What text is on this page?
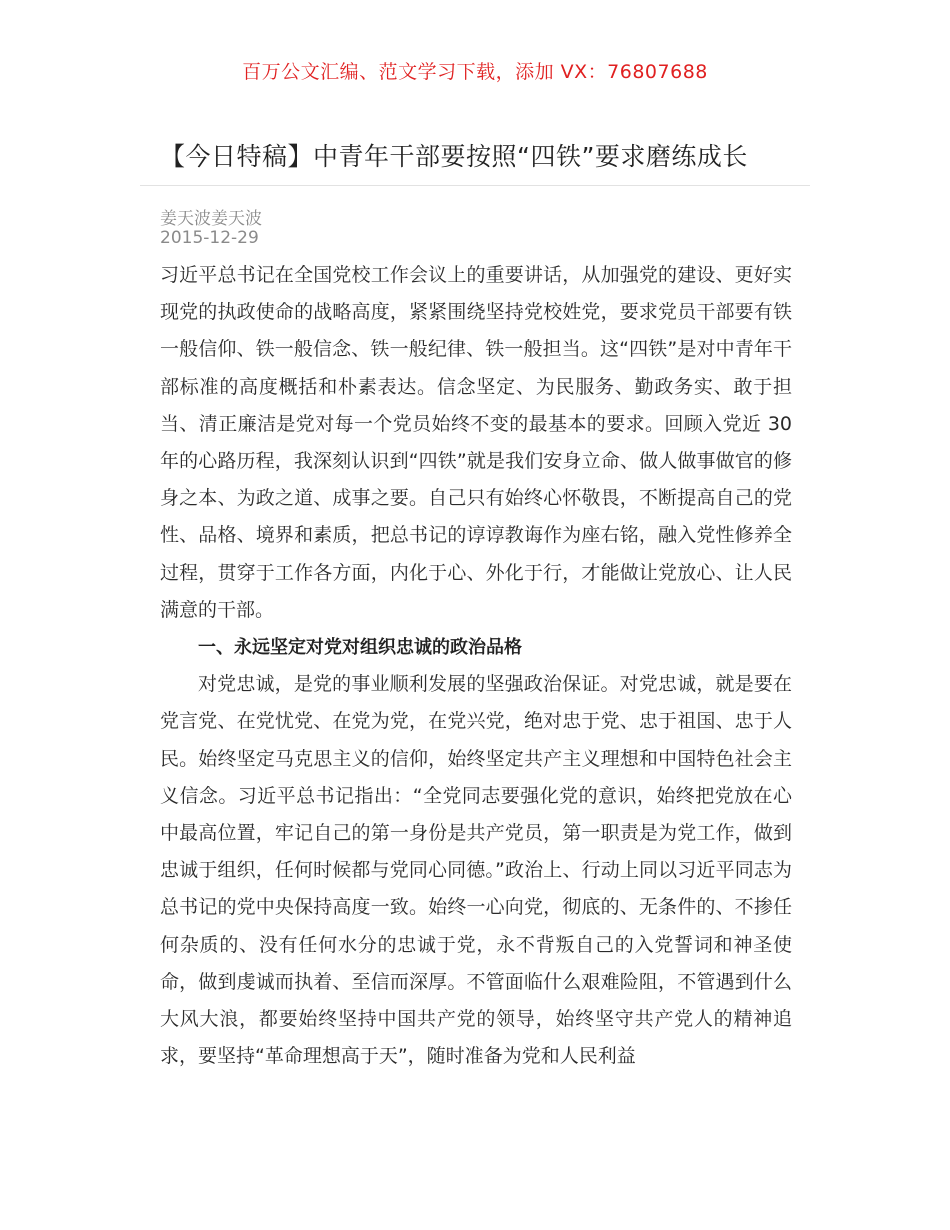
百万公文汇编、范文学习下载，添加 VX：76807688
【今日特稿】中青年干部要按照“四铁”要求磨练成长
姜天波姜天波
2015-12-29

习近平总书记在全国党校工作会议上的重要讲话，从加强党的建设、更好实现党的执政使命的战略高度，紧紧围绕坚持党校姓党，要求党员干部要有铁一般信仰、铁一般信念、铁一般纪律、铁一般担当。这“四铁”是对中青年干部标准的高度概括和朴素表达。信念坚定、为民服务、勤政务实、敢于担当、清正廉洁是党对每一个党员始终不变的最基本的要求。回顾入党近 30 年的心路历程，我深刻认识到“四铁”就是我们安身立命、做人做事做官的修身之本、为政之道、成事之要。自己只有始终心怀敬畏，不断提高自己的党性、品格、境界和素质，把总书记的谆谆教诲作为座右铭，融入党性修养全过程，贯穿于工作各方面，内化于心、外化于行，才能做让党放心、让人民满意的干部。

一、永远坚定对党对组织忠诚的政治品格

对党忠诚，是党的事业顺利发展的坚强政治保证。对党忠诚，就是要在党言党、在党忧党、在党为党，在党兴党，绝对忠于党、忠于祖国、忠于人民。始终坚定马克思主义的信仰，始终坚定共产主义理想和中国特色社会主义信念。习近平总书记指出：“全党同志要强化党的意识，始终把党放在心中最高位置，牢记自己的第一身份是共产党员，第一职责是为党工作，做到忠诚于组织，任何时候都与党同心同德。”政治上、行动上同以习近平同志为总书记的党中央保持高度一致。始终一心向党，彻底的、无条件的、不掺任何杂质的、没有任何水分的忠诚于党，永不背叛自己的入党誓词和神圣使命，做到虔诚而执着、至信而深厚。不管面临什么艰难险阻，不管遇到什么大风大浪，都要始终坚持中国共产党的领导，始终坚守共产党人的精神追求，要坚持“革命理想高于天”，随时准备为党和人民利益
